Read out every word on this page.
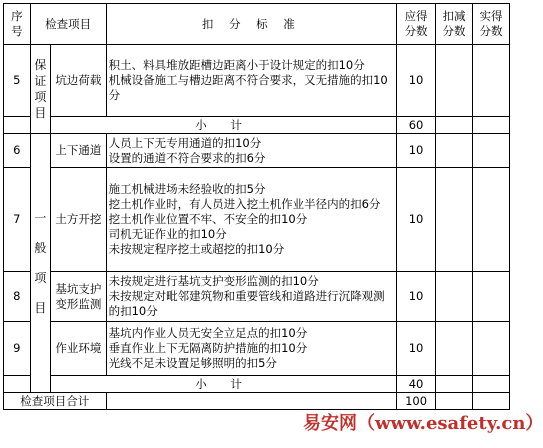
序号	检查项目		扣 分 标 准	应得分数	扣减分数	实得分数
5	保证项目	坑边荷载	积土、料具堆放距槽边距离小于设计规定的扣10分
机械设备施工与槽边距离不符合要求，又无措施的扣10分	10		
		小 计		60		
6	一般项目	上下通道	人员上下无专用通道的扣10分
设置的通道不符合要求的扣6分	10		
7		土方开挖	施工机械进场未经验收的扣5分
挖土机作业时，有人员进入挖土机作业半径内的扣6分
挖土机作业位置不牢、不安全的扣10分
司机无证作业的扣10分
未按规定程序挖土或超挖的扣10分	10		
8		基坑支护变形监测	未按规定进行基坑支护变形监测的扣10分
未按规定对毗邻建筑物和重要管线和道路进行沉降观测的扣10分	10		
9		作业环境	基坑内作业人员无安全立足点的扣10分
垂直作业上下无隔离防护措施的扣10分
光线不足未设置足够照明的扣5分	10		
		小 计		40		
检查项目合计				100		
易安网（www.esafety.cn）
